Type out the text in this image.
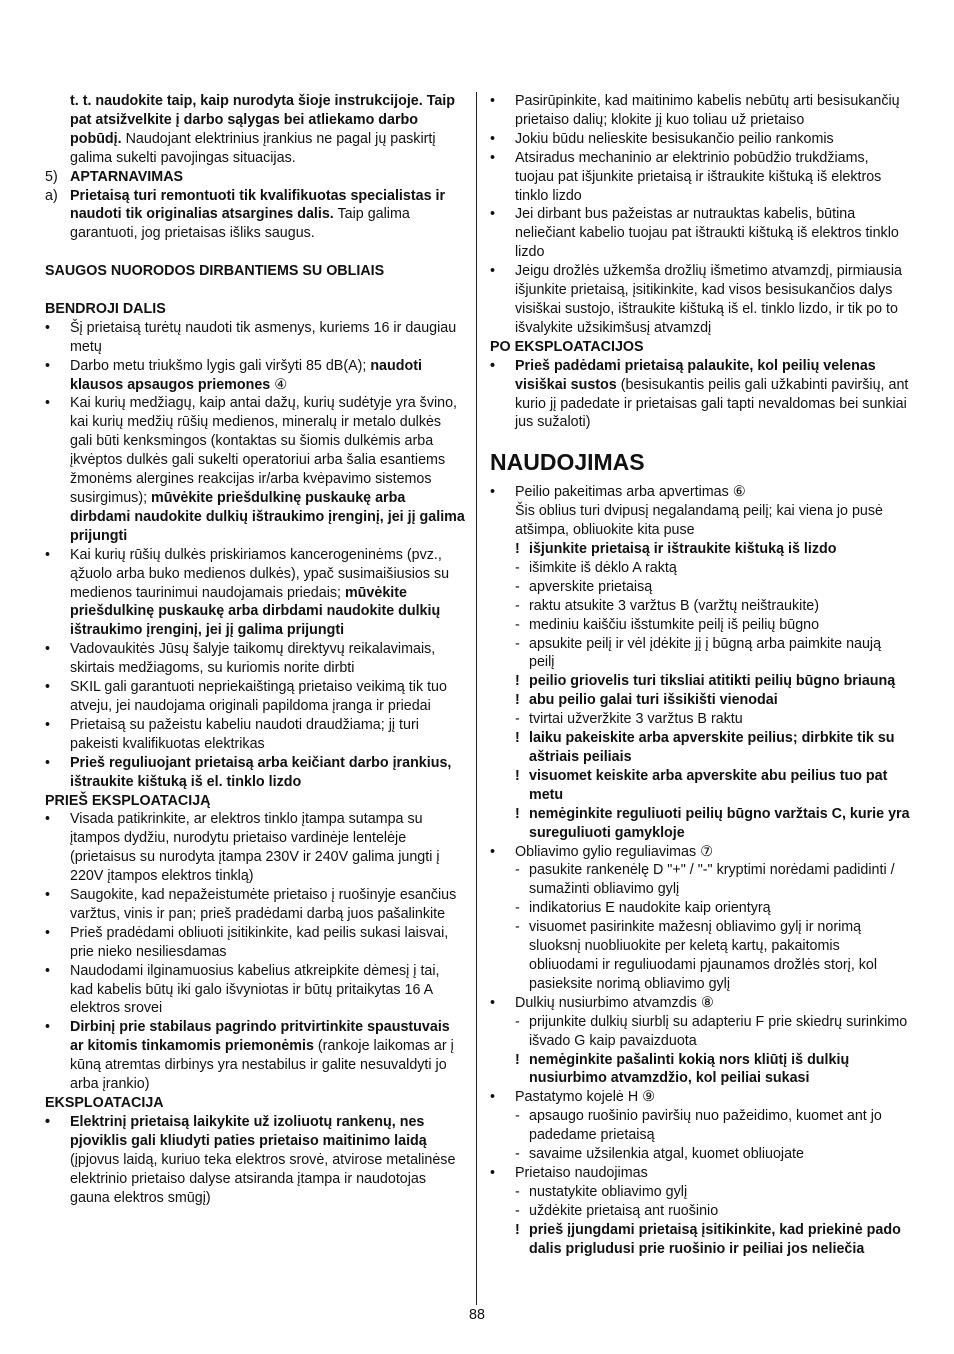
t. t. naudokite taip, kaip nurodyta šioje instrukcijoje. Taip pat atsižvelkite į darbo sąlygas bei atliekamo darbo pobūdį. Naudojant elektrinius įrankius ne pagal jų paskirtį galima sukelti pavojingas situacijas.
5) APTARNAVIMAS
a) Prietaisą turi remontuoti tik kvalifikuotas specialistas ir naudoti tik originalias atsargines dalis. Taip galima garantuoti, jog prietaisas išliks saugus.
SAUGOS NUORODOS DIRBANTIEMS SU OBLIAIS
BENDROJI DALIS
•	Šį prietaisą turėtų naudoti tik asmenys, kuriems 16 ir daugiau metų
•	Darbo metu triukšmo lygis gali viršyti 85 dB(A); naudoti klausos apsaugos priemones ④
•	Kai kurių medžiagų, kaip antai dažų, kurių sudėtyje yra švino, kai kurių medžių rūšių medienos, mineralų ir metalo dulkės gali būti kenksmingos (kontaktas su šiomis dulkėmis arba įkvėptos dulkės gali sukelti operatoriui arba šalia esantiems žmonėms alergines reakcijas ir/arba kvėpavimo sistemos susirgimus); mūvėkite priešdulkinę puskaukę arba dirbdami naudokite dulkių ištraukimo įrenginį, jei jį galima prijungti
•	Kai kurių rūšių dulkės priskiriamos kancerogeninėms (pvz., ąžuolo arba buko medienos dulkės), ypač susimaišiusios su medienos taurinimui naudojamais priedais; mūvėkite priešdulkinę puskaukę arba dirbdami naudokite dulkių ištraukimo įrenginį, jei jį galima prijungti
•	Vadovaukitės Jūsų šalyje taikomų direktyvų reikalavimais, skirtais medžiagoms, su kuriomis norite dirbti
•	SKIL gali garantuoti nepriekaištingą prietaiso veikimą tik tuo atveju, jei naudojama originali papildoma įranga ir priedai
•	Prietaisą su pažeistu kabeliu naudoti draudžiama; jį turi pakeisti kvalifikuotas elektrikas
•	Prieš reguliuojant prietaisą arba keičiant darbo įrankius, ištraukite kištuką iš el. tinklo lizdo
PRIEŠ EKSPLOATACIJĄ
•	Visada patikrinkite, ar elektros tinklo įtampa sutampa su įtampos dydžiu, nurodytu prietaiso vardinėje lentelėje (prietaisus su nurodyta įtampa 230V ir 240V galima jungti į 220V įtampos elektros tinklą)
•	Saugokite, kad nepažeistumėte prietaiso į ruošinyje esančius varžtus, vinis ir pan; prieš pradėdami darbą juos pašalinkite
•	Prieš pradėdami obliuoti įsitikinkite, kad peilis sukasi laisvai, prie nieko nesiliesdamas
•	Naudodami ilginamuosius kabelius atkreipkite dėmesį į tai, kad kabelis būtų iki galo išvyniotas ir būtų pritaikytas 16 A elektros srovei
•	Dirbinį prie stabilaus pagrindo pritvirtinkite spaustuvais ar kitomis tinkamomis priemonėmis (rankoje laikomas ar į kūną atremtas dirbinys yra nestabilus ir galite nesuvaldyti jo arba įrankio)
EKSPLOATACIJA
•	Elektrinį prietaisą laikykite už izoliuotų rankenų, nes pjoviklis gali kliudyti paties prietaiso maitinimo laidą (įpjovus laidą, kuriuo teka elektros srovė, atvirose metalinėse elektrinio prietaiso dalyse atsiranda įtampa ir naudotojas gauna elektros smūgį)
•	Pasirūpinkite, kad maitinimo kabelis nebūtų arti besisukančių prietaiso dalių; klokite jį kuo toliau už prietaiso
•	Jokiu būdu nelieskite besisukančio peilio rankomis
•	Atsiradus mechaninio ar elektrinio pobūdžio trukdžiams, tuojau pat išjunkite prietaisą ir ištraukite kištuką iš elektros tinklo lizdo
•	Jei dirbant bus pažeistas ar nutrauktas kabelis, būtina neliečiant kabelio tuojau pat ištraukti kištuką iš elektros tinklo lizdo
•	Jeigu drožlės užkemša drožlių išmetimo atvamzdį, pirmiausia išjunkite prietaisą, įsitikinkite, kad visos besisukančios dalys visiškai sustojo, ištraukite kištuką iš el. tinklo lizdo, ir tik po to išvalykite užsikimšusį atvamzdį
PO EKSPLOATACIJOS
•	Prieš padėdami prietaisą palaukite, kol peilių velenas visiškai sustos (besisukantis peilis gali užkabinti paviršių, ant kurio jį padedate ir prietaisas gali tapti nevaldomas bei sunkiai jus sužaloti)
NAUDOJIMAS
•	Peilio pakeitimas arba apvertimas ⑥
Šis oblius turi dvipusį negalandamą peilį; kai viena jo pusė atšimpa, obliuokite kita puse
! išjunkite prietaisą ir ištraukite kištuką iš lizdo
- išimkite iš dėklo A raktą
- apverskite prietaisą
- raktu atsukite 3 varžtus B (varžtų neištraukite)
- mediniu kaiščiu išstumkite peilį iš peilių būgno
- apsukite peilį ir vėl įdėkite jį į būgną arba paimkite naują peilį
! peilio griovelis turi tiksliai atitikti peilių būgno briauną
! abu peilio galai turi išsikišti vienodai
- tvirtai užveržkite 3 varžtus B raktu
! laiku pakeiskite arba apverskite peilius; dirbkite tik su aštriais peiliais
! visuomet keiskite arba apverskite abu peilius tuo pat metu
! nemėginkite reguliuoti peilių būgno varžtais C, kurie yra sureguliuoti gamykloje
•	Obliavimo gylio reguliavimas ⑦
- pasukite rankenėlę D "+" / "-" kryptimi norėdami padidinti / sumažinti obliavimo gylį
- indikatorius E naudokite kaip orientyrą
- visuomet pasirinkite mažesnį obliavimo gylį ir norimą sluoksnį nuobliuokite per keletą kartų, pakaitomis obliuodami ir reguliuodami pjaunamos drožlės storį, kol pasieksite norimą obliavimo gylį
•	Dulkių nusiurbimo atvamzdis ⑧
- prijunkite dulkių siurblį su adapteriu F prie skiedrų surinkimo išvado G kaip pavaizduota
! nemėginkite pašalinti kokią nors kliūtį iš dulkių nusiurbimo atvamzdžio, kol peiliai sukasi
•	Pastatymo kojelė H ⑨
- apsaugo ruošinio paviršių nuo pažeidimo, kuomet ant jo padedame prietaisą
- savaime užsilenkia atgal, kuomet obliuojate
•	Prietaiso naudojimas
- nustatykite obliavimo gylį
- uždėkite prietaisą ant ruošinio
! prieš įjungdami prietaisą įsitikinkite, kad priekinė pado dalis prigludusi prie ruošinio ir peiliai jos neliečia
88
